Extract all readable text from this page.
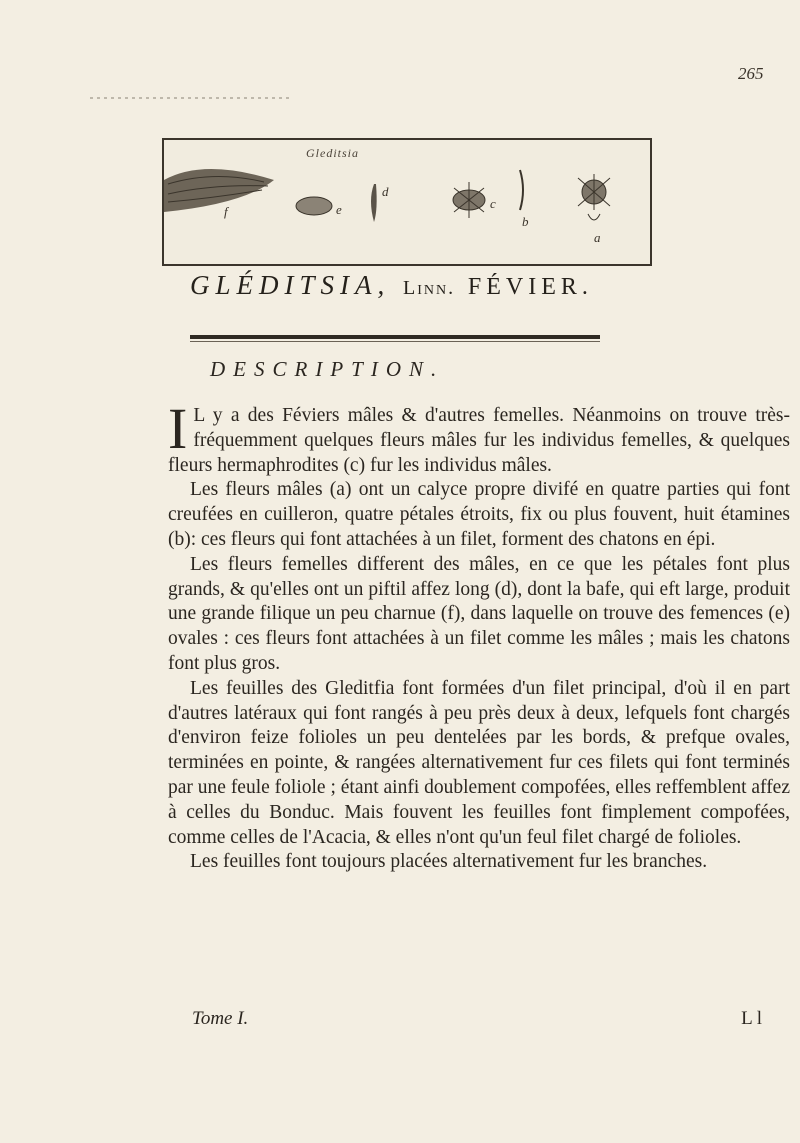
265
Gleditsia
f	e
d
c
b
a
GLÉDITSIA, Linn. FÉVIER.
DESCRIPTION.

I L y a des Féviers mâles & d'autres femelles. Néanmoins on trouve très-fréquemment quelques fleurs mâles fur les individus femelles, & quelques fleurs hermaphrodites (c) fur les individus mâles.

Les fleurs mâles (a) ont un calyce propre divifé en quatre parties qui font creufées en cuilleron, quatre pétales étroits, fix ou plus fouvent, huit étamines (b): ces fleurs qui font attachées à un filet, forment des chatons en épi.

Les fleurs femelles different des mâles, en ce que les pétales font plus grands, & qu'elles ont un piftil affez long (d), dont la bafe, qui eft large, produit une grande filique un peu charnue (f), dans laquelle on trouve des femences (e) ovales : ces fleurs font attachées à un filet comme les mâles ; mais les chatons font plus gros.

Les feuilles des Gleditfia font formées d'un filet principal, d'où il en part d'autres latéraux qui font rangés à peu près deux à deux, lefquels font chargés d'environ feize folioles un peu dentelées par les bords, & prefque ovales, terminées en pointe, & rangées alternativement fur ces filets qui font terminés par une feule foliole ; étant ainfi doublement compofées, elles reffemblent affez à celles du Bonduc. Mais fouvent les feuilles font fimplement compofées, comme celles de l'Acacia, & elles n'ont qu'un feul filet chargé de folioles.

Les feuilles font toujours placées alternativement fur les branches.

Tome I.	L l
